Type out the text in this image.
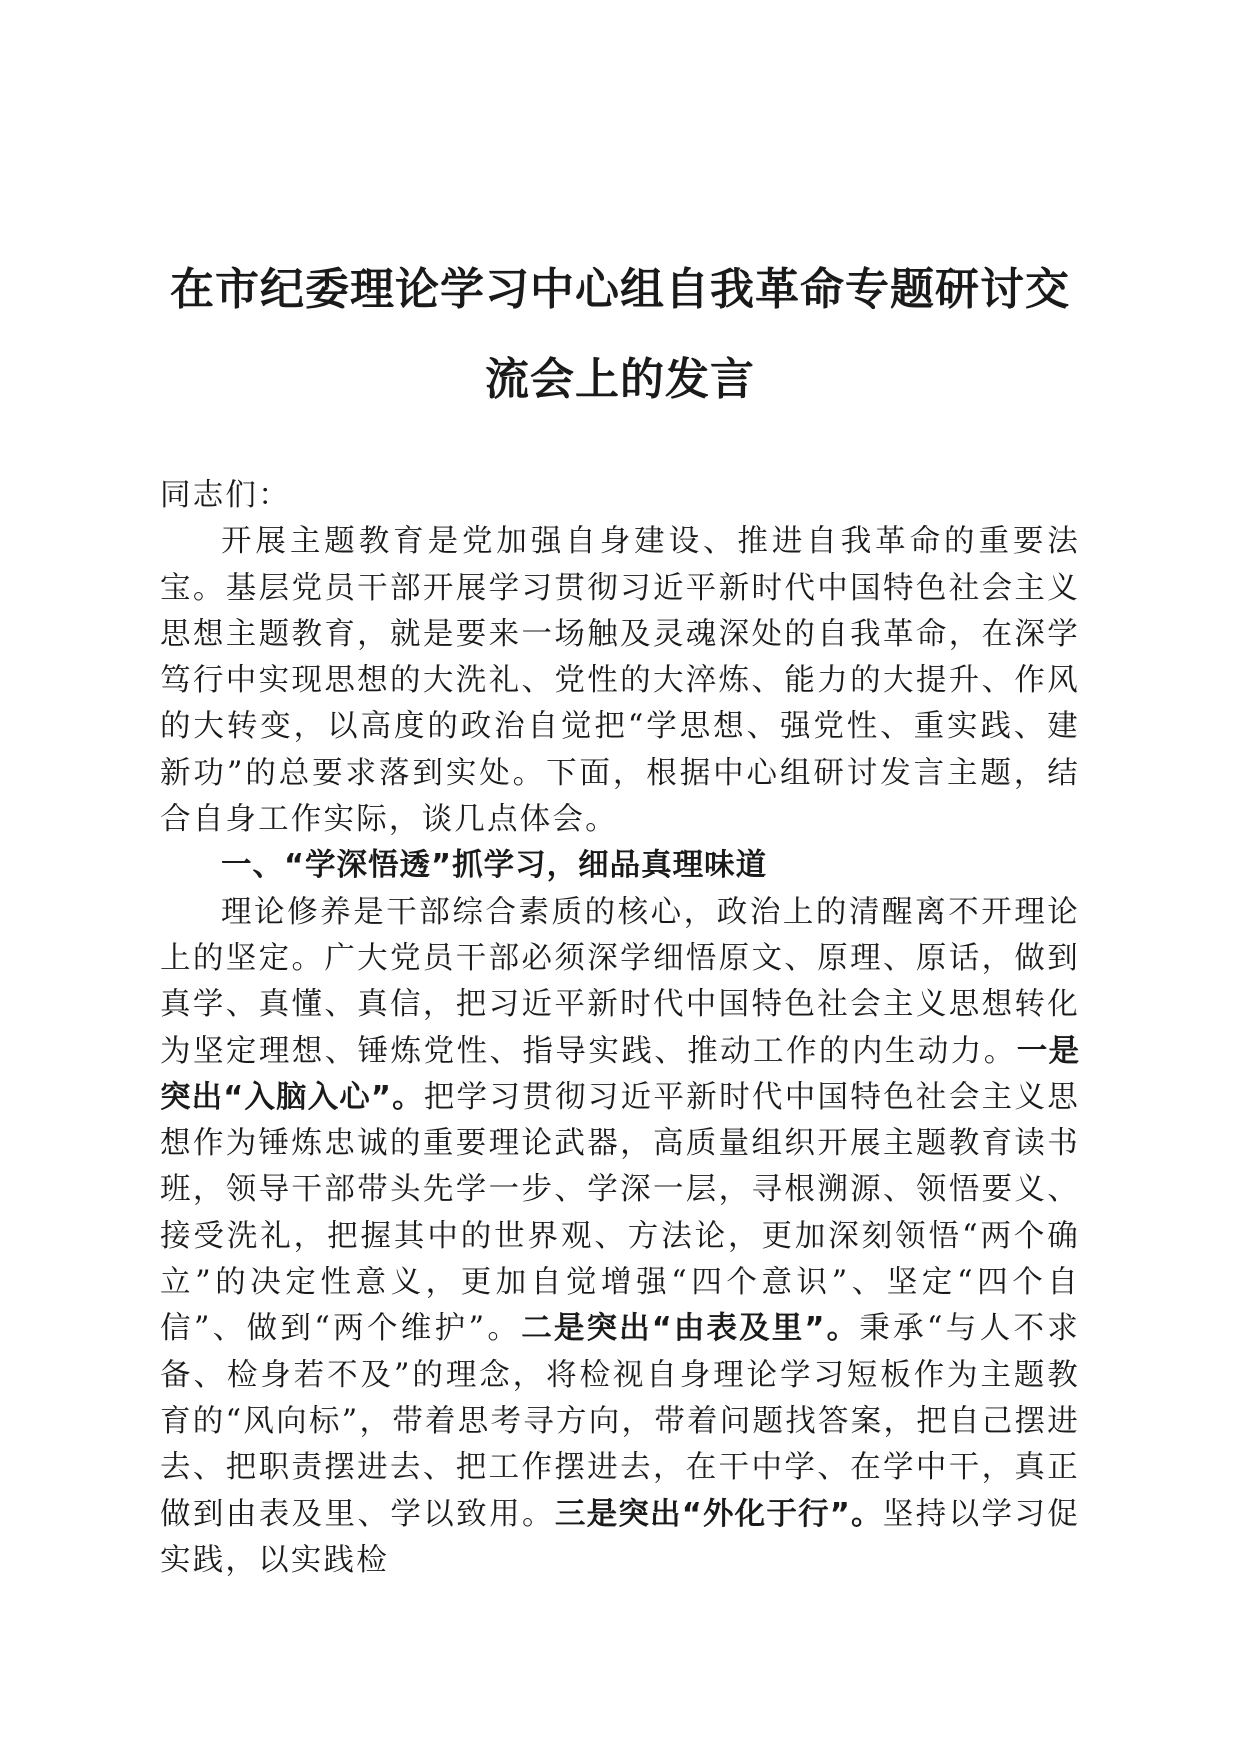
在市纪委理论学习中心组自我革命专题研讨交
流会上的发言

同志们：

开展主题教育是党加强自身建设、推进自我革命的重要法宝。基层党员干部开展学习贯彻习近平新时代中国特色社会主义思想主题教育，就是要来一场触及灵魂深处的自我革命，在深学笃行中实现思想的大洗礼、党性的大淬炼、能力的大提升、作风的大转变，以高度的政治自觉把“学思想、强党性、重实践、建新功”的总要求落到实处。下面，根据中心组研讨发言主题，结合自身工作实际，谈几点体会。

一、“学深悟透”抓学习，细品真理味道

理论修养是干部综合素质的核心，政治上的清醒离不开理论上的坚定。广大党员干部必须深学细悟原文、原理、原话，做到真学、真懂、真信，把习近平新时代中国特色社会主义思想转化为坚定理想、锤炼党性、指导实践、推动工作的内生动力。一是突出“入脑入心”。把学习贯彻习近平新时代中国特色社会主义思想作为锤炼忠诚的重要理论武器，高质量组织开展主题教育读书班，领导干部带头先学一步、学深一层，寻根溯源、领悟要义、接受洗礼，把握其中的世界观、方法论，更加深刻领悟“两个确立”的决定性意义，更加自觉增强“四个意识”、坚定“四个自信”、做到“两个维护”。二是突出“由表及里”。秉承“与人不求备、检身若不及”的理念，将检视自身理论学习短板作为主题教育的“风向标”，带着思考寻方向，带着问题找答案，把自己摆进去、把职责摆进去、把工作摆进去，在干中学、在学中干，真正做到由表及里、学以致用。三是突出“外化于行”。坚持以学习促实践，以实践检
